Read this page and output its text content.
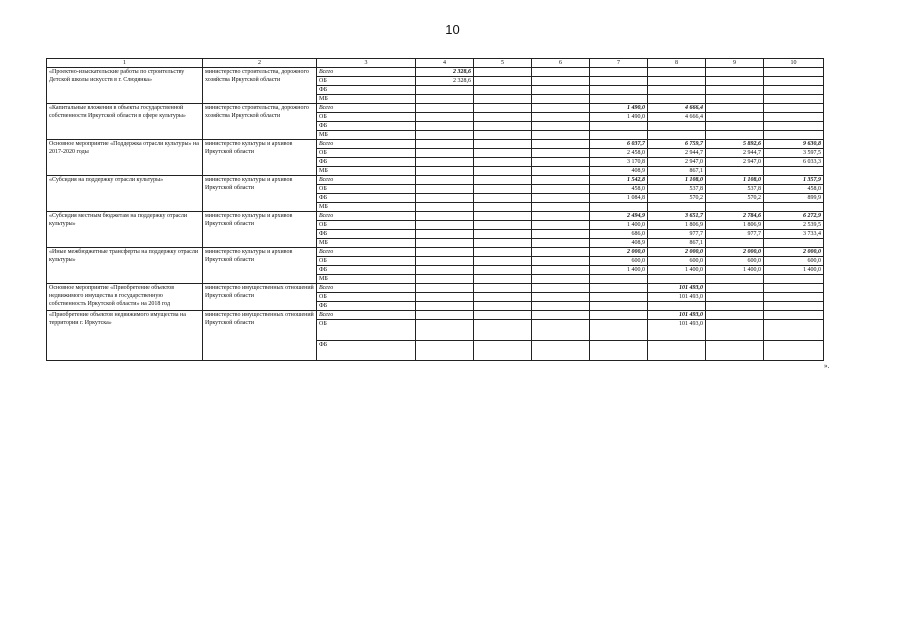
10
1	2	3	4	5	6	7	8	9	10
«Проектно-изыскательские работы по строительству Детской школы искусств в г. Слюдянка»	министерство строительства, дорожного хозяйства Иркутской области	Всего	2 328,6						
		ОБ	2 328,6						
		ФБ							
		МБ							
«Капитальные вложения в объекты государственной собственности Иркутской области в сфере культуры»	министерство строительства, дорожного хозяйства Иркутской области	Всего				1 490,0	4 666,4		
		ОБ				1 490,0	4 666,4		
		ФБ							
		МБ							
Основное мероприятие «Поддержка отрасли культуры» на 2017-2020 годы	министерство культуры и архивов Иркутской области	Всего				6 037,7	6 759,7	5 892,6	9 630,8
		ОБ				2 458,0	2 944,7	2 944,7	3 597,5
		ФБ				3 170,8	2 947,0	2 947,0	6 033,3
		МБ				408,9	867,1		
«Субсидия на поддержку отрасли культуры»	министерство культуры и архивов Иркутской области	Всего				1 542,8	1 108,0	1 108,0	1 357,9
		ОБ				458,0	537,8	537,8	458,0
		ФБ				1 084,8	570,2	570,2	899,9
		МБ							
«Субсидия местным бюджетам на поддержку отрасли культуры»	министерство культуры и архивов Иркутской области	Всего				2 494,9	3 651,7	2 784,6	6 272,9
		ОБ				1 400,0	1 806,9	1 806,9	2 539,5
		ФБ				686,0	977,7	977,7	3 733,4
		МБ				408,9	867,1		
«Иные межбюджетные трансферты на поддержку отрасли культуры»	министерство культуры и архивов Иркутской области	Всего				2 000,0	2 000,0	2 000,0	2 000,0
		ОБ				600,0	600,0	600,0	600,0
		ФБ				1 400,0	1 400,0	1 400,0	1 400,0
		МБ							
Основное мероприятие «Приобретение объектов недвижимого имущества в государственную собственность Иркутской области» на 2018 год	министерство имущественных отношений Иркутской области	Всего					101 493,0		
		ОБ					101 493,0		
		ФБ							
«Приобретение объектов недвижимого имущества на территории г. Иркутска»	министерство имущественных отношений Иркутской области	Всего					101 493,0		
		ОБ					101 493,0		
		ФБ							
».
